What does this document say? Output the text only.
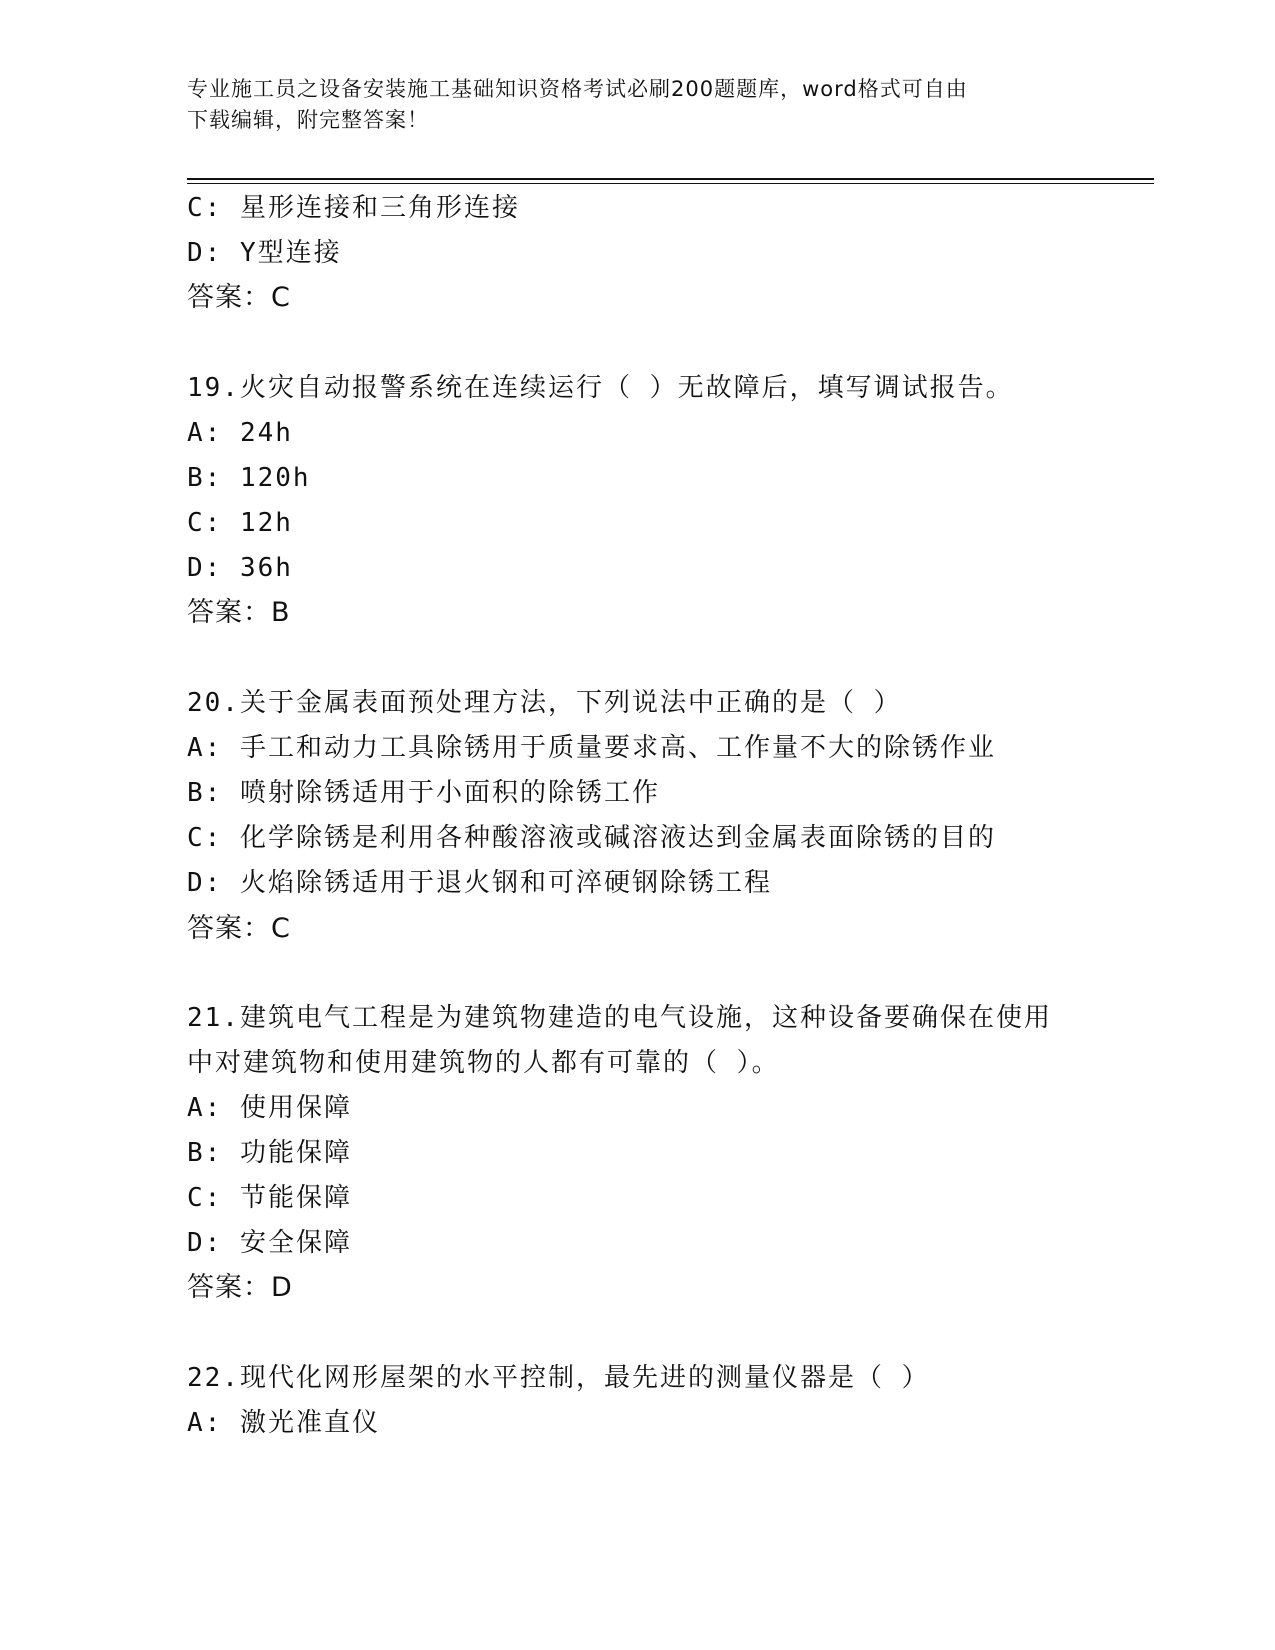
专业施工员之设备安装施工基础知识资格考试必刷200题题库，word格式可自由
下载编辑，附完整答案！
C: 星形连接和三角形连接
D: Y型连接
答案：C
19.火灾自动报警系统在连续运行（ ）无故障后，填写调试报告。
A: 24h
B: 120h
C: 12h
D: 36h
答案：B
20.关于金属表面预处理方法，下列说法中正确的是（ ）
A: 手工和动力工具除锈用于质量要求高、工作量不大的除锈作业
B: 喷射除锈适用于小面积的除锈工作
C: 化学除锈是利用各种酸溶液或碱溶液达到金属表面除锈的目的
D: 火焰除锈适用于退火钢和可淬硬钢除锈工程
答案：C
21.建筑电气工程是为建筑物建造的电气设施，这种设备要确保在使用
中对建筑物和使用建筑物的人都有可靠的（ ）。
A: 使用保障
B: 功能保障
C: 节能保障
D: 安全保障
答案：D
22.现代化网形屋架的水平控制，最先进的测量仪器是（ ）
A: 激光准直仪
